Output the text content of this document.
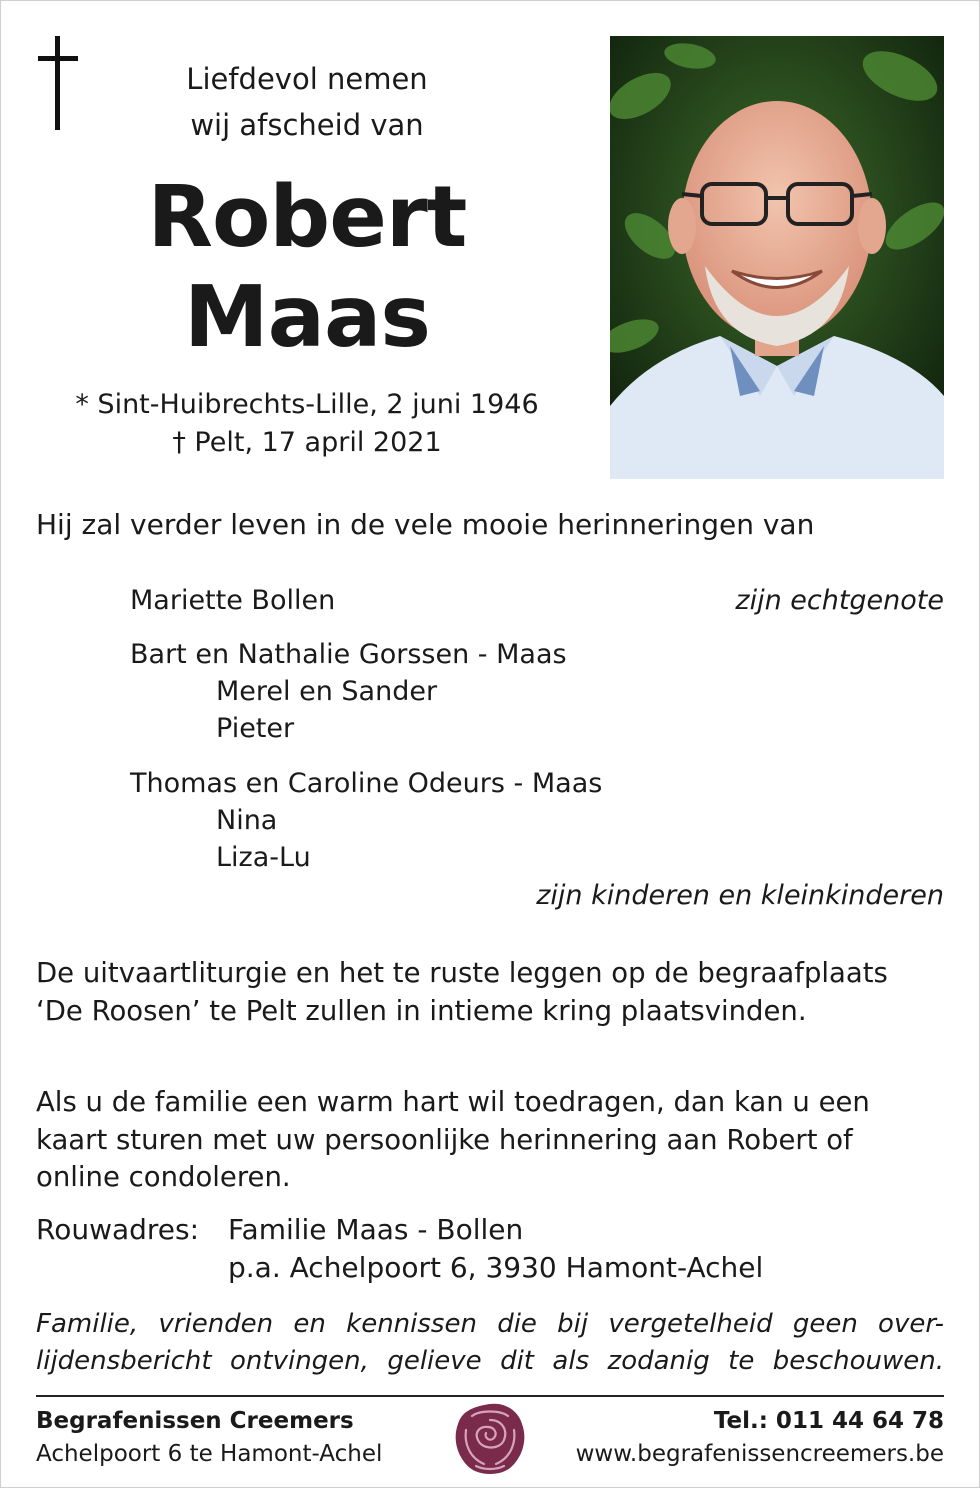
Liefdevol nemen
wij afscheid van
Robert
Maas
* Sint-Huibrechts-Lille, 2 juni 1946
† Pelt, 17 april 2021
Hij zal verder leven in de vele mooie herinneringen van
Mariette Bollen	zijn echtgenote
Bart en Nathalie Gorssen - Maas
Merel en Sander
Pieter
Thomas en Caroline Odeurs - Maas
Nina
Liza-Lu
zijn kinderen en kleinkinderen
De uitvaartliturgie en het te ruste leggen op de begraafplaats ‘De Roosen’ te Pelt zullen in intieme kring plaatsvinden.
Als u de familie een warm hart wil toedragen, dan kan u een kaart sturen met uw persoonlijke herinnering aan Robert of online condoleren.
Rouwadres: Familie Maas - Bollen
p.a. Achelpoort 6, 3930 Hamont-Achel
Familie, vrienden en kennissen die bij vergetelheid geen over-lijdensbericht ontvingen, gelieve dit als zodanig te beschouwen.
Begrafenissen Creemers
Achelpoort 6 te Hamont-Achel
Tel.: 011 44 64 78
www.begrafenissencreemers.be
